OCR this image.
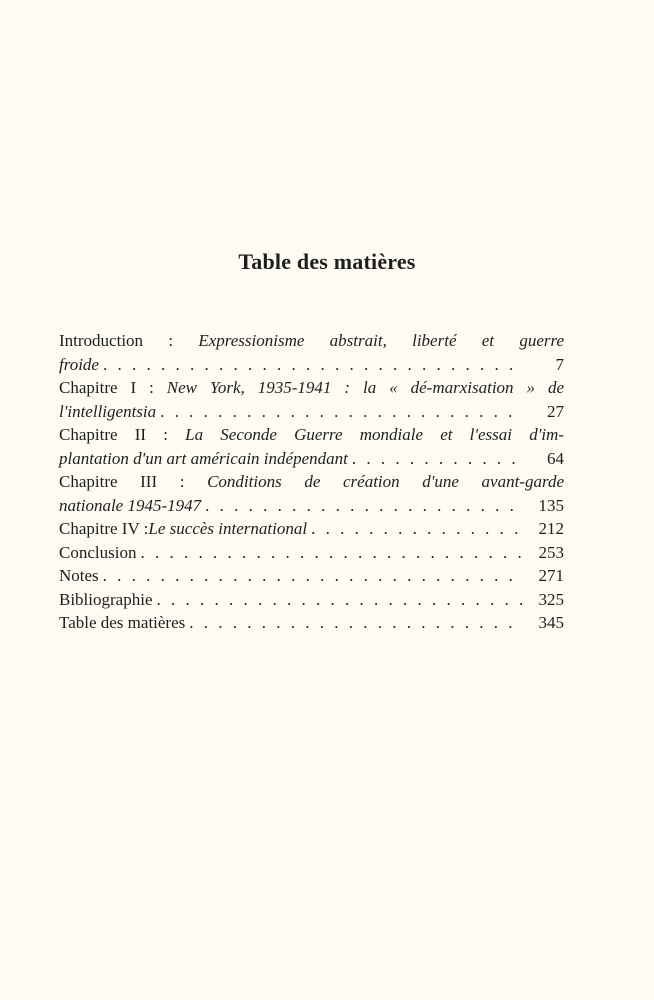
Table des matières
Introduction : Expressionisme abstrait, liberté et guerre
froide . . .	7
Chapitre I : New York, 1935-1941 : la « dé-marxisation » de
l'intelligentsia . . .	27
Chapitre II : La Seconde Guerre mondiale et l'essai d'im-
plantation d'un art américain indépendant . . .	64
Chapitre III : Conditions de création d'une avant-garde
nationale 1945-1947 . . .	135
Chapitre IV : Le succès international . . .	212
Conclusion . . .	253
Notes . . .	271
Bibliographie . . .	325
Table des matières . . .	345
